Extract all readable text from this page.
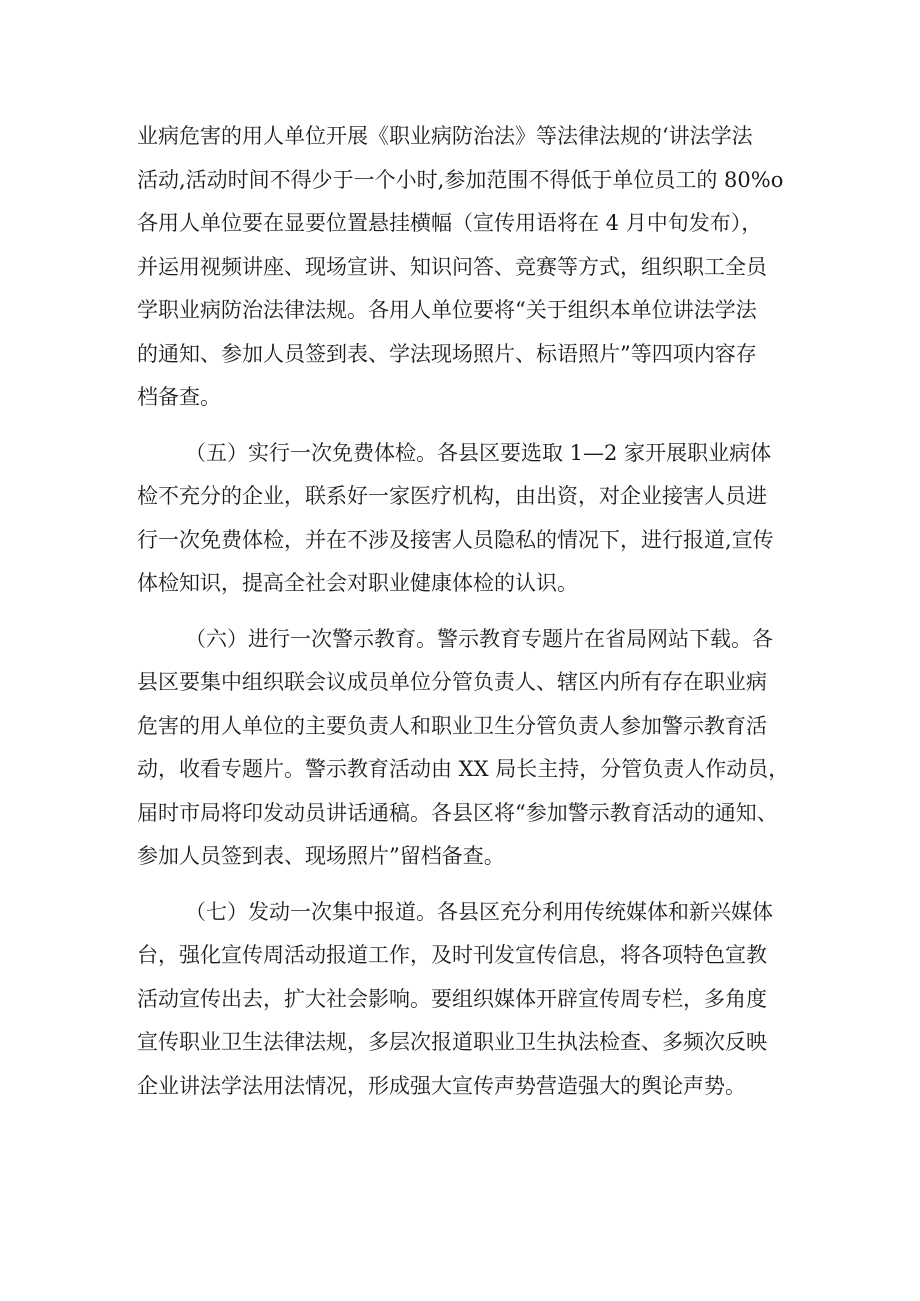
业病危害的用人单位开展《职业病防治法》等法律法规的‘讲法学法
活动,活动时间不得少于一个小时,参加范围不得低于单位员工的 80%o
各用人单位要在显要位置悬挂横幅（宣传用语将在 4 月中旬发布），
并运用视频讲座、现场宣讲、知识问答、竞赛等方式，组织职工全员
学职业病防治法律法规。各用人单位要将“关于组织本单位讲法学法
的通知、参加人员签到表、学法现场照片、标语照片”等四项内容存
档备查。
（五）实行一次免费体检。各县区要选取 1—2 家开展职业病体
检不充分的企业，联系好一家医疗机构，由出资，对企业接害人员进
行一次免费体检，并在不涉及接害人员隐私的情况下，进行报道,宣传
体检知识，提高全社会对职业健康体检的认识。
（六）进行一次警示教育。警示教育专题片在省局网站下载。各
县区要集中组织联会议成员单位分管负责人、辖区内所有存在职业病
危害的用人单位的主要负责人和职业卫生分管负责人参加警示教育活
动，收看专题片。警示教育活动由 XX 局长主持，分管负责人作动员，
届时市局将印发动员讲话通稿。各县区将“参加警示教育活动的通知、
参加人员签到表、现场照片”留档备查。
（七）发动一次集中报道。各县区充分利用传统媒体和新兴媒体
台，强化宣传周活动报道工作，及时刊发宣传信息，将各项特色宣教
活动宣传出去，扩大社会影响。要组织媒体开辟宣传周专栏，多角度
宣传职业卫生法律法规，多层次报道职业卫生执法检查、多频次反映
企业讲法学法用法情况，形成强大宣传声势营造强大的舆论声势。
